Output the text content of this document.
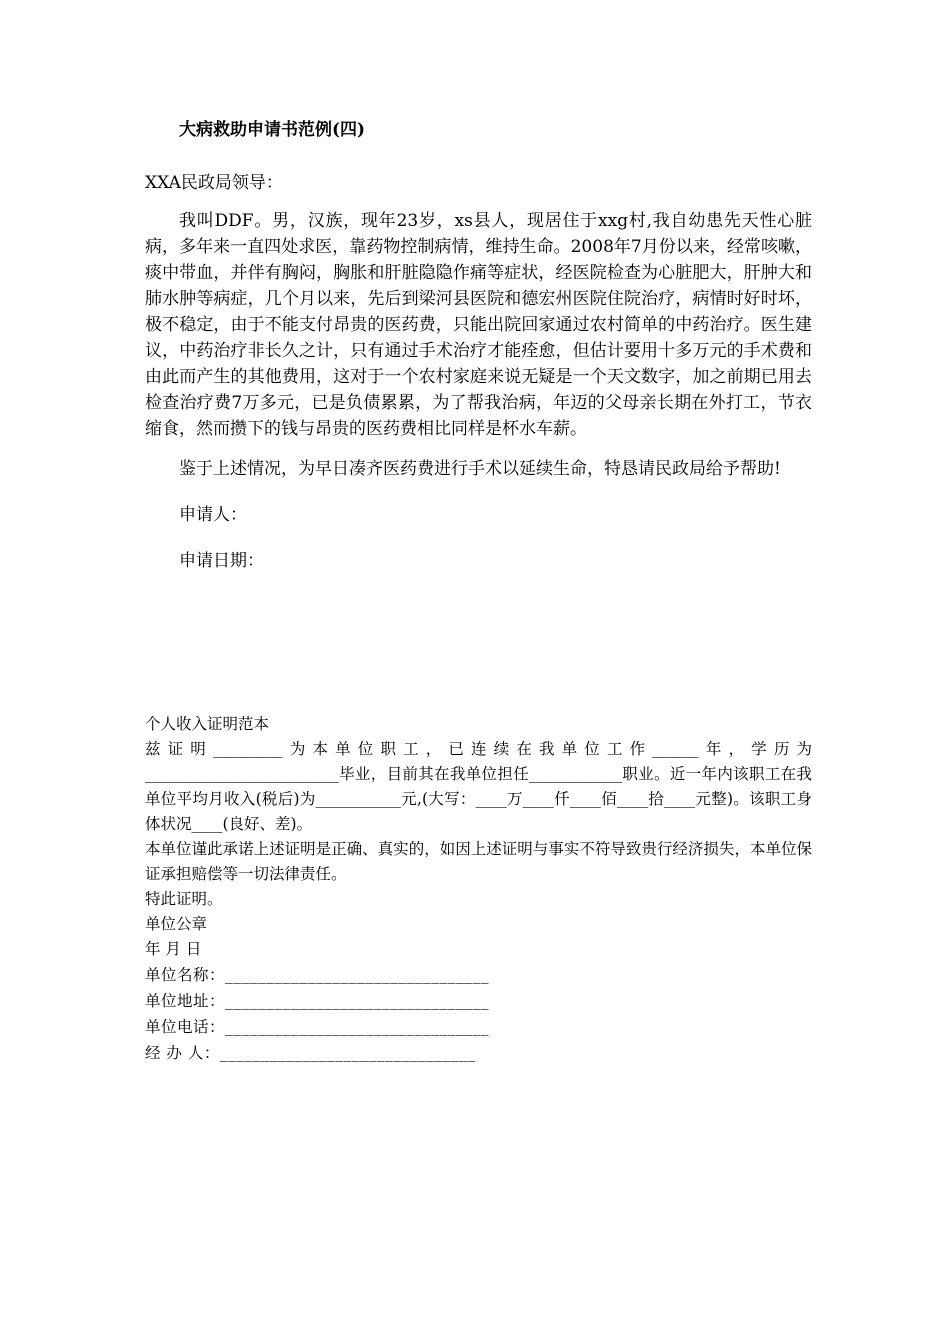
大病救助申请书范例(四)

XXA民政局领导：

我叫DDF。男，汉族，现年23岁，xs县人，现居住于xxg村,我自幼患先天性心脏病，多年来一直四处求医，靠药物控制病情，维持生命。2008年7月份以来，经常咳嗽，痰中带血，并伴有胸闷，胸胀和肝脏隐隐作痛等症状，经医院检查为心脏肥大，肝肿大和肺水肿等病症，几个月以来，先后到梁河县医院和德宏州医院住院治疗，病情时好时坏，极不稳定，由于不能支付昂贵的医药费，只能出院回家通过农村简单的中药治疗。医生建议，中药治疗非长久之计，只有通过手术治疗才能痊愈，但估计要用十多万元的手术费和由此而产生的其他费用，这对于一个农村家庭来说无疑是一个天文数字，加之前期已用去检查治疗费7万多元，已是负债累累，为了帮我治病，年迈的父母亲长期在外打工，节衣缩食，然而攒下的钱与昂贵的医药费相比同样是杯水车薪。

鉴于上述情况，为早日凑齐医药费进行手术以延续生命，特恳请民政局给予帮助!

申请人：

申请日期：

个人收入证明范本

兹证明_________为本单位职工，已连续在我单位工作______年，学历为_________________________毕业，目前其在我单位担任____________职业。近一年内该职工在我单位平均月收入(税后)为___________元,(大写：____万____仟____佰____拾____元整)。该职工身体状况____(良好、差)。

本单位谨此承诺上述证明是正确、真实的，如因上述证明与事实不符导致贵行经济损失，本单位保证承担赔偿等一切法律责任。

特此证明。

单位公章

年 月 日

单位名称：________________________________

单位地址：________________________________

单位电话：________________________________

经 办 人：_______________________________
